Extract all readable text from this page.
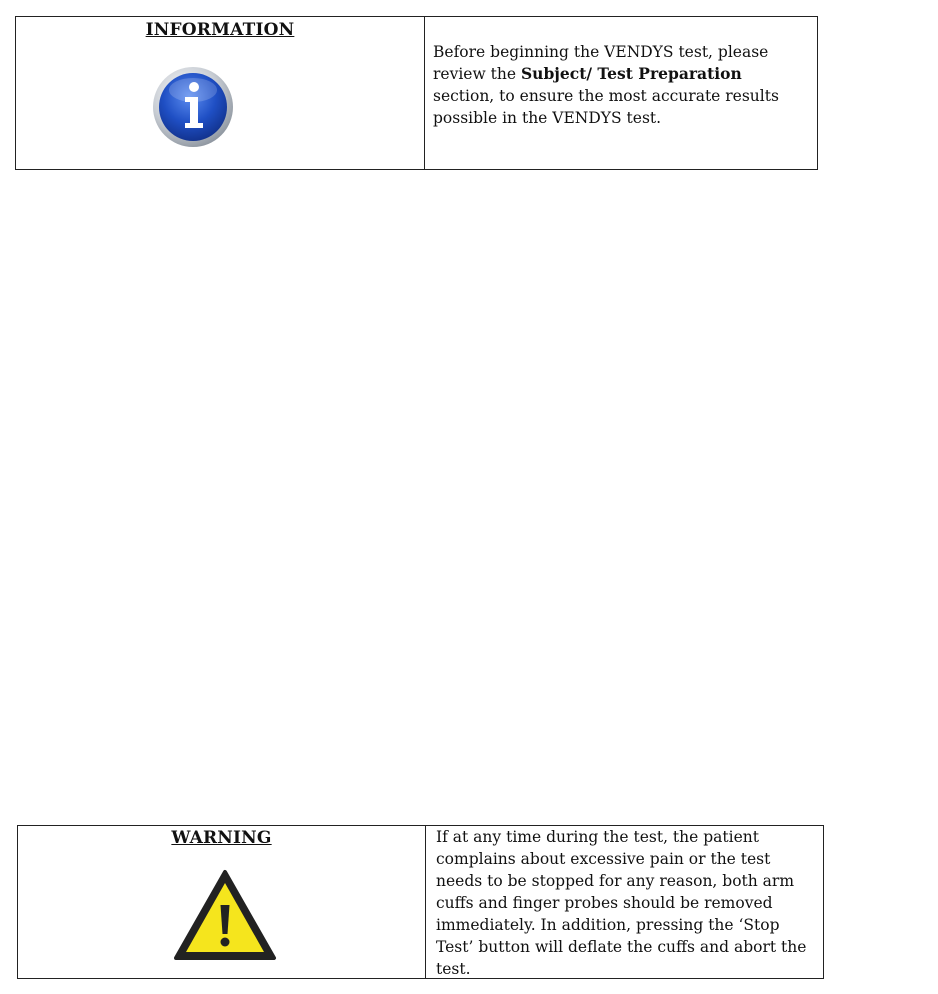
INFORMATION

Before beginning the VENDYS test, please review the Subject/ Test Preparation section, to ensure the most accurate results possible in the VENDYS test.

WARNING	If at any time during the test, the patient complains about excessive pain or the test needs to be stopped for any reason, both arm cuffs and finger probes should be removed immediately. In addition, pressing the ‘Stop Test’ button will deflate the cuffs and abort the test.
